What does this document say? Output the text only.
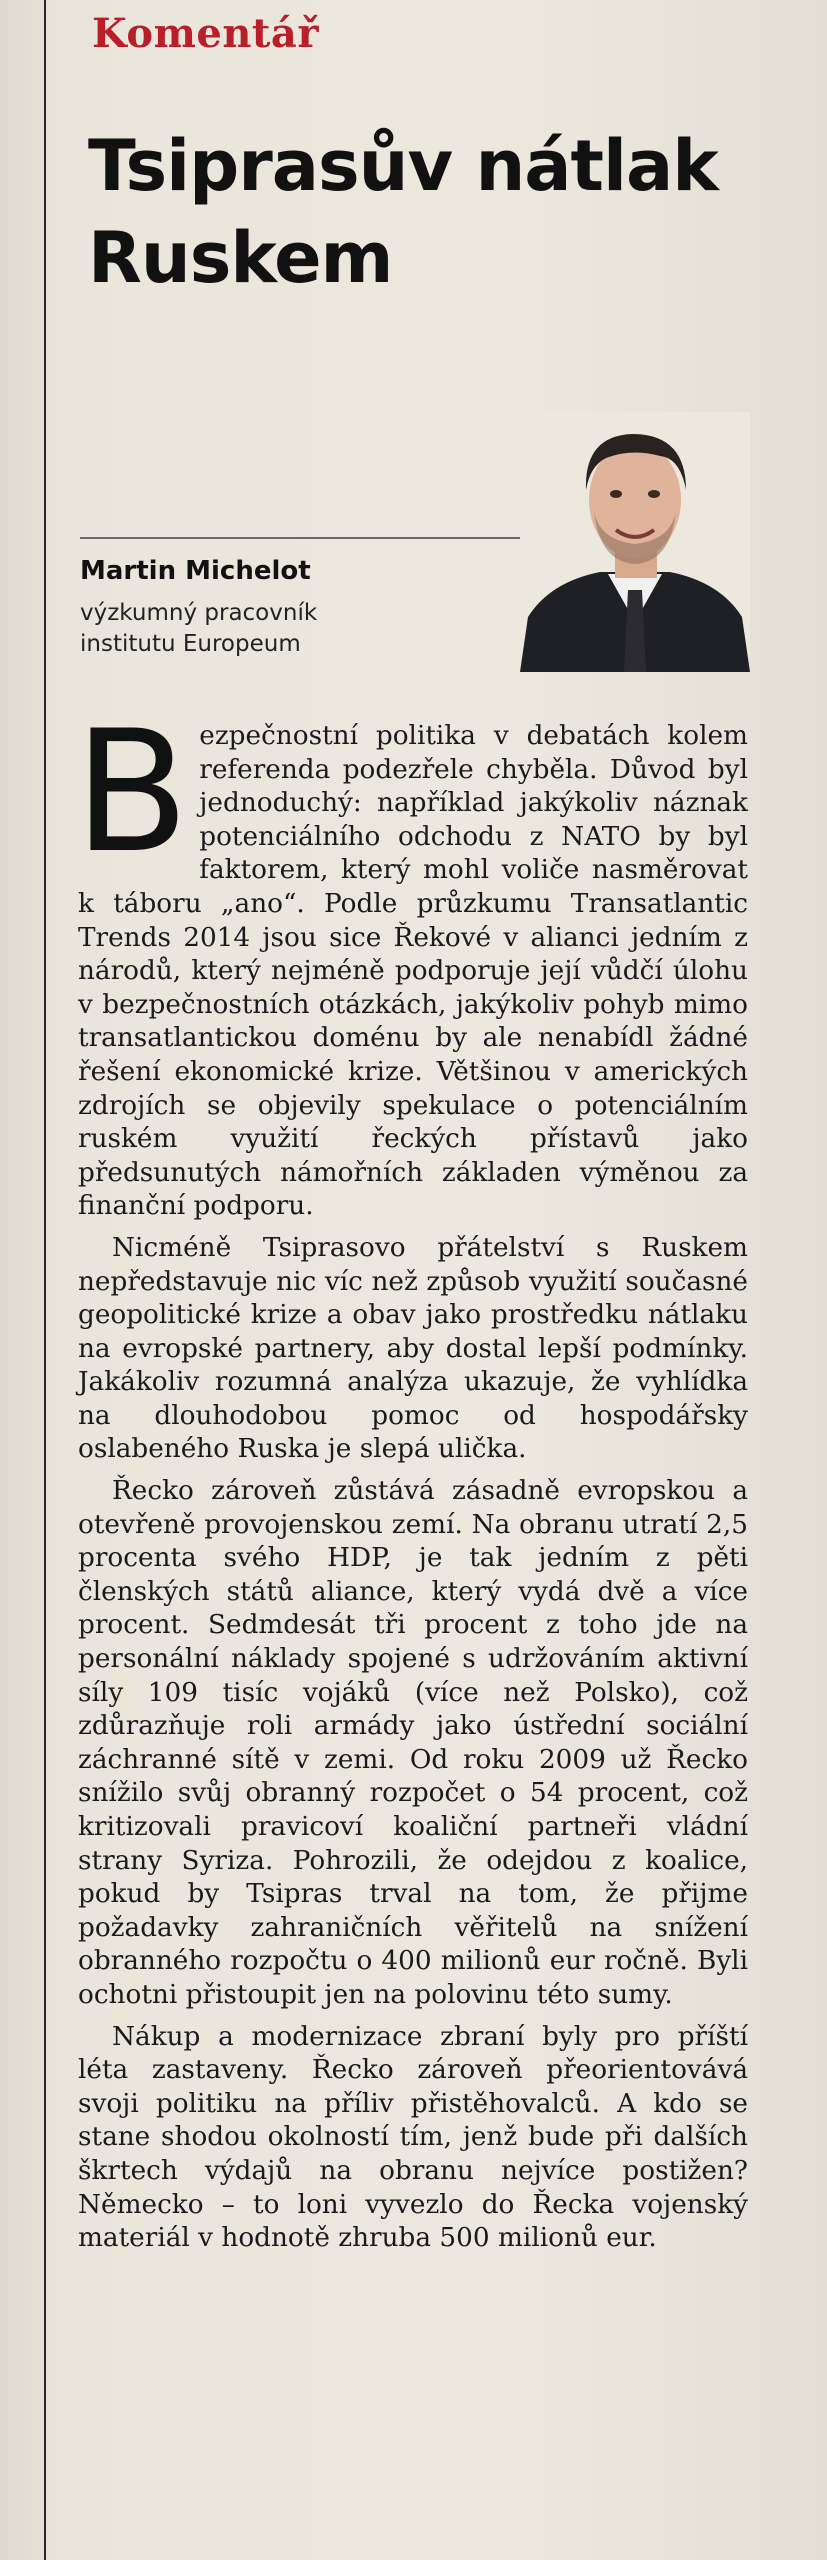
Komentář
Tsiprasův nátlak Ruskem
Martin Michelot
výzkumný pracovník institutu Europeum

Bezpečnostní politika v debatách kolem referenda podezřele chyběla. Důvod byl jednoduchý: například jakýkoliv náznak potenciálního odchodu z NATO by byl faktorem, který mohl voliče nasměrovat k táboru „ano“. Podle průzkumu Transatlantic Trends 2014 jsou sice Řekové v alianci jedním z národů, který nejméně podporuje její vůdčí úlohu v bezpečnostních otázkách, jakýkoliv pohyb mimo transatlantickou doménu by ale nenabídl žádné řešení ekonomické krize. Většinou v amerických zdrojích se objevily spekulace o potenciálním ruském využití řeckých přístavů jako předsunutých námořních základen výměnou za finanční podporu.

Nicméně Tsiprasovo přátelství s Ruskem nepředstavuje nic víc než způsob využití současné geopolitické krize a obav jako prostředku nátlaku na evropské partnery, aby dostal lepší podmínky. Jakákoliv rozumná analýza ukazuje, že vyhlídka na dlouhodobou pomoc od hospodářsky oslabeného Ruska je slepá ulička.

Řecko zároveň zůstává zásadně evropskou a otevřeně provojenskou zemí. Na obranu utratí 2,5 procenta svého HDP, je tak jedním z pěti členských států aliance, který vydá dvě a více procent. Sedmdesát tři procent z toho jde na personální náklady spojené s udržováním aktivní síly 109 tisíc vojáků (více než Polsko), což zdůrazňuje roli armády jako ústřední sociální záchranné sítě v zemi. Od roku 2009 už Řecko snížilo svůj obranný rozpočet o 54 procent, což kritizovali pravicoví koaliční partneři vládní strany Syriza. Pohrozili, že odejdou z koalice, pokud by Tsipras trval na tom, že přijme požadavky zahraničních věřitelů na snížení obranného rozpočtu o 400 milionů eur ročně. Byli ochotni přistoupit jen na polovinu této sumy.

Nákup a modernizace zbraní byly pro příští léta zastaveny. Řecko zároveň přeorientovává svoji politiku na příliv přistěhovalců. A kdo se stane shodou okolností tím, jenž bude při dalších škrtech výdajů na obranu nejvíce postižen? Německo – to loni vyvezlo do Řecka vojenský materiál v hodnotě zhruba 500 milionů eur.
